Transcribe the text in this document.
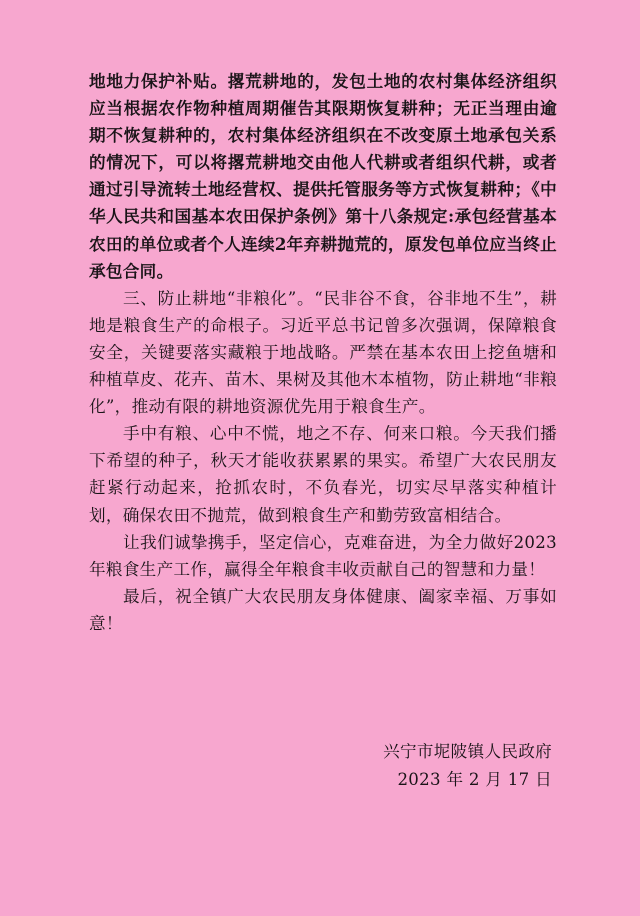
地地力保护补贴。撂荒耕地的，发包土地的农村集体经济组织应当根据农作物种植周期催告其限期恢复耕种；无正当理由逾期不恢复耕种的，农村集体经济组织在不改变原土地承包关系的情况下，可以将撂荒耕地交由他人代耕或者组织代耕，或者通过引导流转土地经营权、提供托管服务等方式恢复耕种；《中华人民共和国基本农田保护条例》第十八条规定:承包经营基本农田的单位或者个人连续2年弃耕抛荒的，原发包单位应当终止承包合同。

三、防止耕地“非粮化”。“民非谷不食，谷非地不生”，耕地是粮食生产的命根子。习近平总书记曾多次强调，保障粮食安全，关键要落实藏粮于地战略。严禁在基本农田上挖鱼塘和种植草皮、花卉、苗木、果树及其他木本植物，防止耕地“非粮化”，推动有限的耕地资源优先用于粮食生产。

手中有粮、心中不慌，地之不存、何来口粮。今天我们播下希望的种子，秋天才能收获累累的果实。希望广大农民朋友赶紧行动起来，抢抓农时，不负春光，切实尽早落实种植计划，确保农田不抛荒，做到粮食生产和勤劳致富相结合。

让我们诚挚携手，坚定信心，克难奋进，为全力做好2023年粮食生产工作，赢得全年粮食丰收贡献自己的智慧和力量！

最后，祝全镇广大农民朋友身体健康、阖家幸福、万事如意！

兴宁市坭陂镇人民政府
2023 年 2 月 17 日
